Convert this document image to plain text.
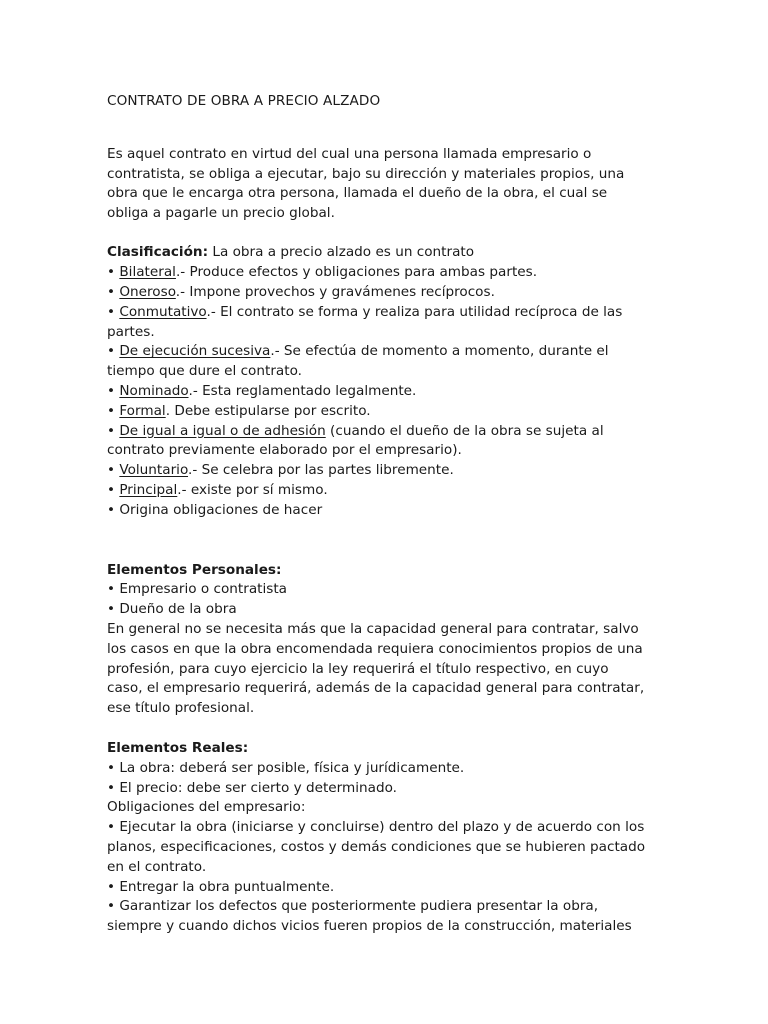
CONTRATO DE OBRA A PRECIO ALZADO

Es aquel contrato en virtud del cual una persona llamada empresario o contratista, se obliga a ejecutar, bajo su dirección y materiales propios, una obra que le encarga otra persona, llamada el dueño de la obra, el cual se obliga a pagarle un precio global.

Clasificación: La obra a precio alzado es un contrato

• Bilateral.- Produce efectos y obligaciones para ambas partes.

• Oneroso.- Impone provechos y gravámenes recíprocos.

• Conmutativo.- El contrato se forma y realiza para utilidad recíproca de las partes.

• De ejecución sucesiva.- Se efectúa de momento a momento, durante el tiempo que dure el contrato.

• Nominado.- Esta reglamentado legalmente.

• Formal. Debe estipularse por escrito.

• De igual a igual o de adhesión (cuando el dueño de la obra se sujeta al contrato previamente elaborado por el empresario).

• Voluntario.- Se celebra por las partes libremente.

• Principal.- existe por sí mismo.

• Origina obligaciones de hacer

Elementos Personales:

• Empresario o contratista

• Dueño de la obra

En general no se necesita más que la capacidad general para contratar, salvo los casos en que la obra encomendada requiera conocimientos propios de una profesión, para cuyo ejercicio la ley requerirá el título respectivo, en cuyo caso, el empresario requerirá, además de la capacidad general para contratar, ese título profesional.

Elementos Reales:

• La obra: deberá ser posible, física y jurídicamente.

• El precio: debe ser cierto y determinado.

Obligaciones del empresario:

• Ejecutar la obra (iniciarse y concluirse) dentro del plazo y de acuerdo con los planos, especificaciones, costos y demás condiciones que se hubieren pactado en el contrato.

• Entregar la obra puntualmente.

• Garantizar los defectos que posteriormente pudiera presentar la obra, siempre y cuando dichos vicios fueren propios de la construcción, materiales
